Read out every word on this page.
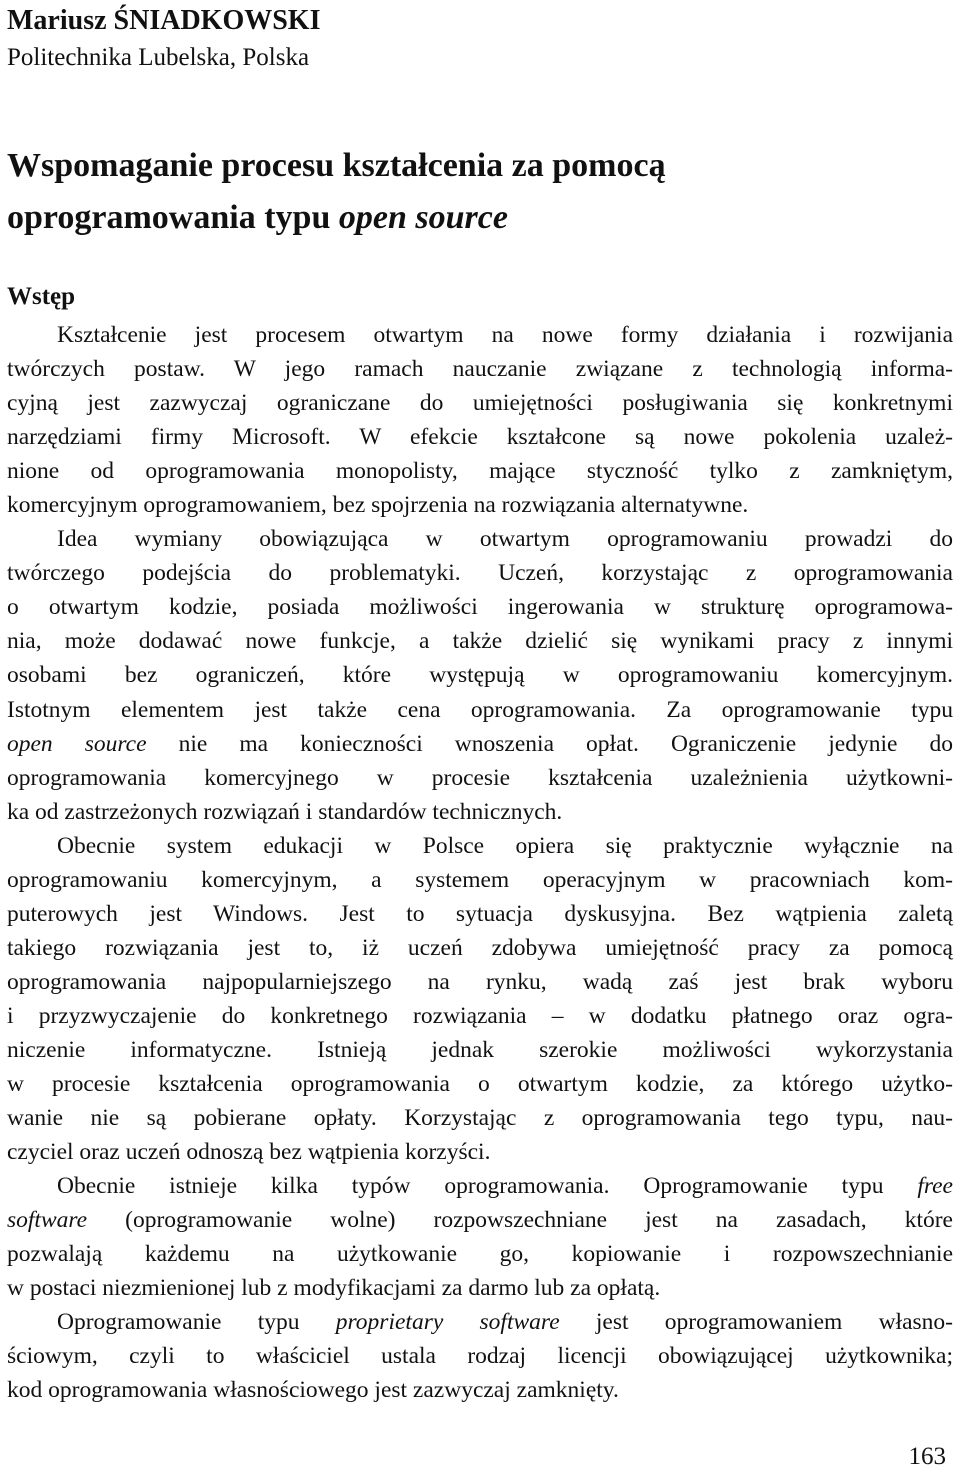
Mariusz ŚNIADKOWSKI
Politechnika Lubelska, Polska
Wspomaganie procesu kształcenia za pomocą
oprogramowania typu open source
Wstęp
Kształcenie jest procesem otwartym na nowe formy działania i rozwijania
twórczych postaw. W jego ramach nauczanie związane z technologią informa-
cyjną jest zazwyczaj ograniczane do umiejętności posługiwania się konkretnymi
narzędziami firmy Microsoft. W efekcie kształcone są nowe pokolenia uzależ-
nione od oprogramowania monopolisty, mające styczność tylko z zamkniętym,
komercyjnym oprogramowaniem, bez spojrzenia na rozwiązania alternatywne.
Idea wymiany obowiązująca w otwartym oprogramowaniu prowadzi do
twórczego podejścia do problematyki. Uczeń, korzystając z oprogramowania
o otwartym kodzie, posiada możliwości ingerowania w strukturę oprogramowa-
nia, może dodawać nowe funkcje, a także dzielić się wynikami pracy z innymi
osobami bez ograniczeń, które występują w oprogramowaniu komercyjnym.
Istotnym elementem jest także cena oprogramowania. Za oprogramowanie typu
open source nie ma konieczności wnoszenia opłat. Ograniczenie jedynie do
oprogramowania komercyjnego w procesie kształcenia uzależnienia użytkowni-
ka od zastrzeżonych rozwiązań i standardów technicznych.
Obecnie system edukacji w Polsce opiera się praktycznie wyłącznie na
oprogramowaniu komercyjnym, a systemem operacyjnym w pracowniach kom-
puterowych jest Windows. Jest to sytuacja dyskusyjna. Bez wątpienia zaletą
takiego rozwiązania jest to, iż uczeń zdobywa umiejętność pracy za pomocą
oprogramowania najpopularniejszego na rynku, wadą zaś jest brak wyboru
i przyzwyczajenie do konkretnego rozwiązania – w dodatku płatnego oraz ogra-
niczenie informatyczne. Istnieją jednak szerokie możliwości wykorzystania
w procesie kształcenia oprogramowania o otwartym kodzie, za którego użytko-
wanie nie są pobierane opłaty. Korzystając z oprogramowania tego typu, nau-
czyciel oraz uczeń odnoszą bez wątpienia korzyści.
Obecnie istnieje kilka typów oprogramowania. Oprogramowanie typu free
software (oprogramowanie wolne) rozpowszechniane jest na zasadach, które
pozwalają każdemu na użytkowanie go, kopiowanie i rozpowszechnianie
w postaci niezmienionej lub z modyfikacjami za darmo lub za opłatą.
Oprogramowanie typu proprietary software jest oprogramowaniem własno-
ściowym, czyli to właściciel ustala rodzaj licencji obowiązującej użytkownika;
kod oprogramowania własnościowego jest zazwyczaj zamknięty.
163
